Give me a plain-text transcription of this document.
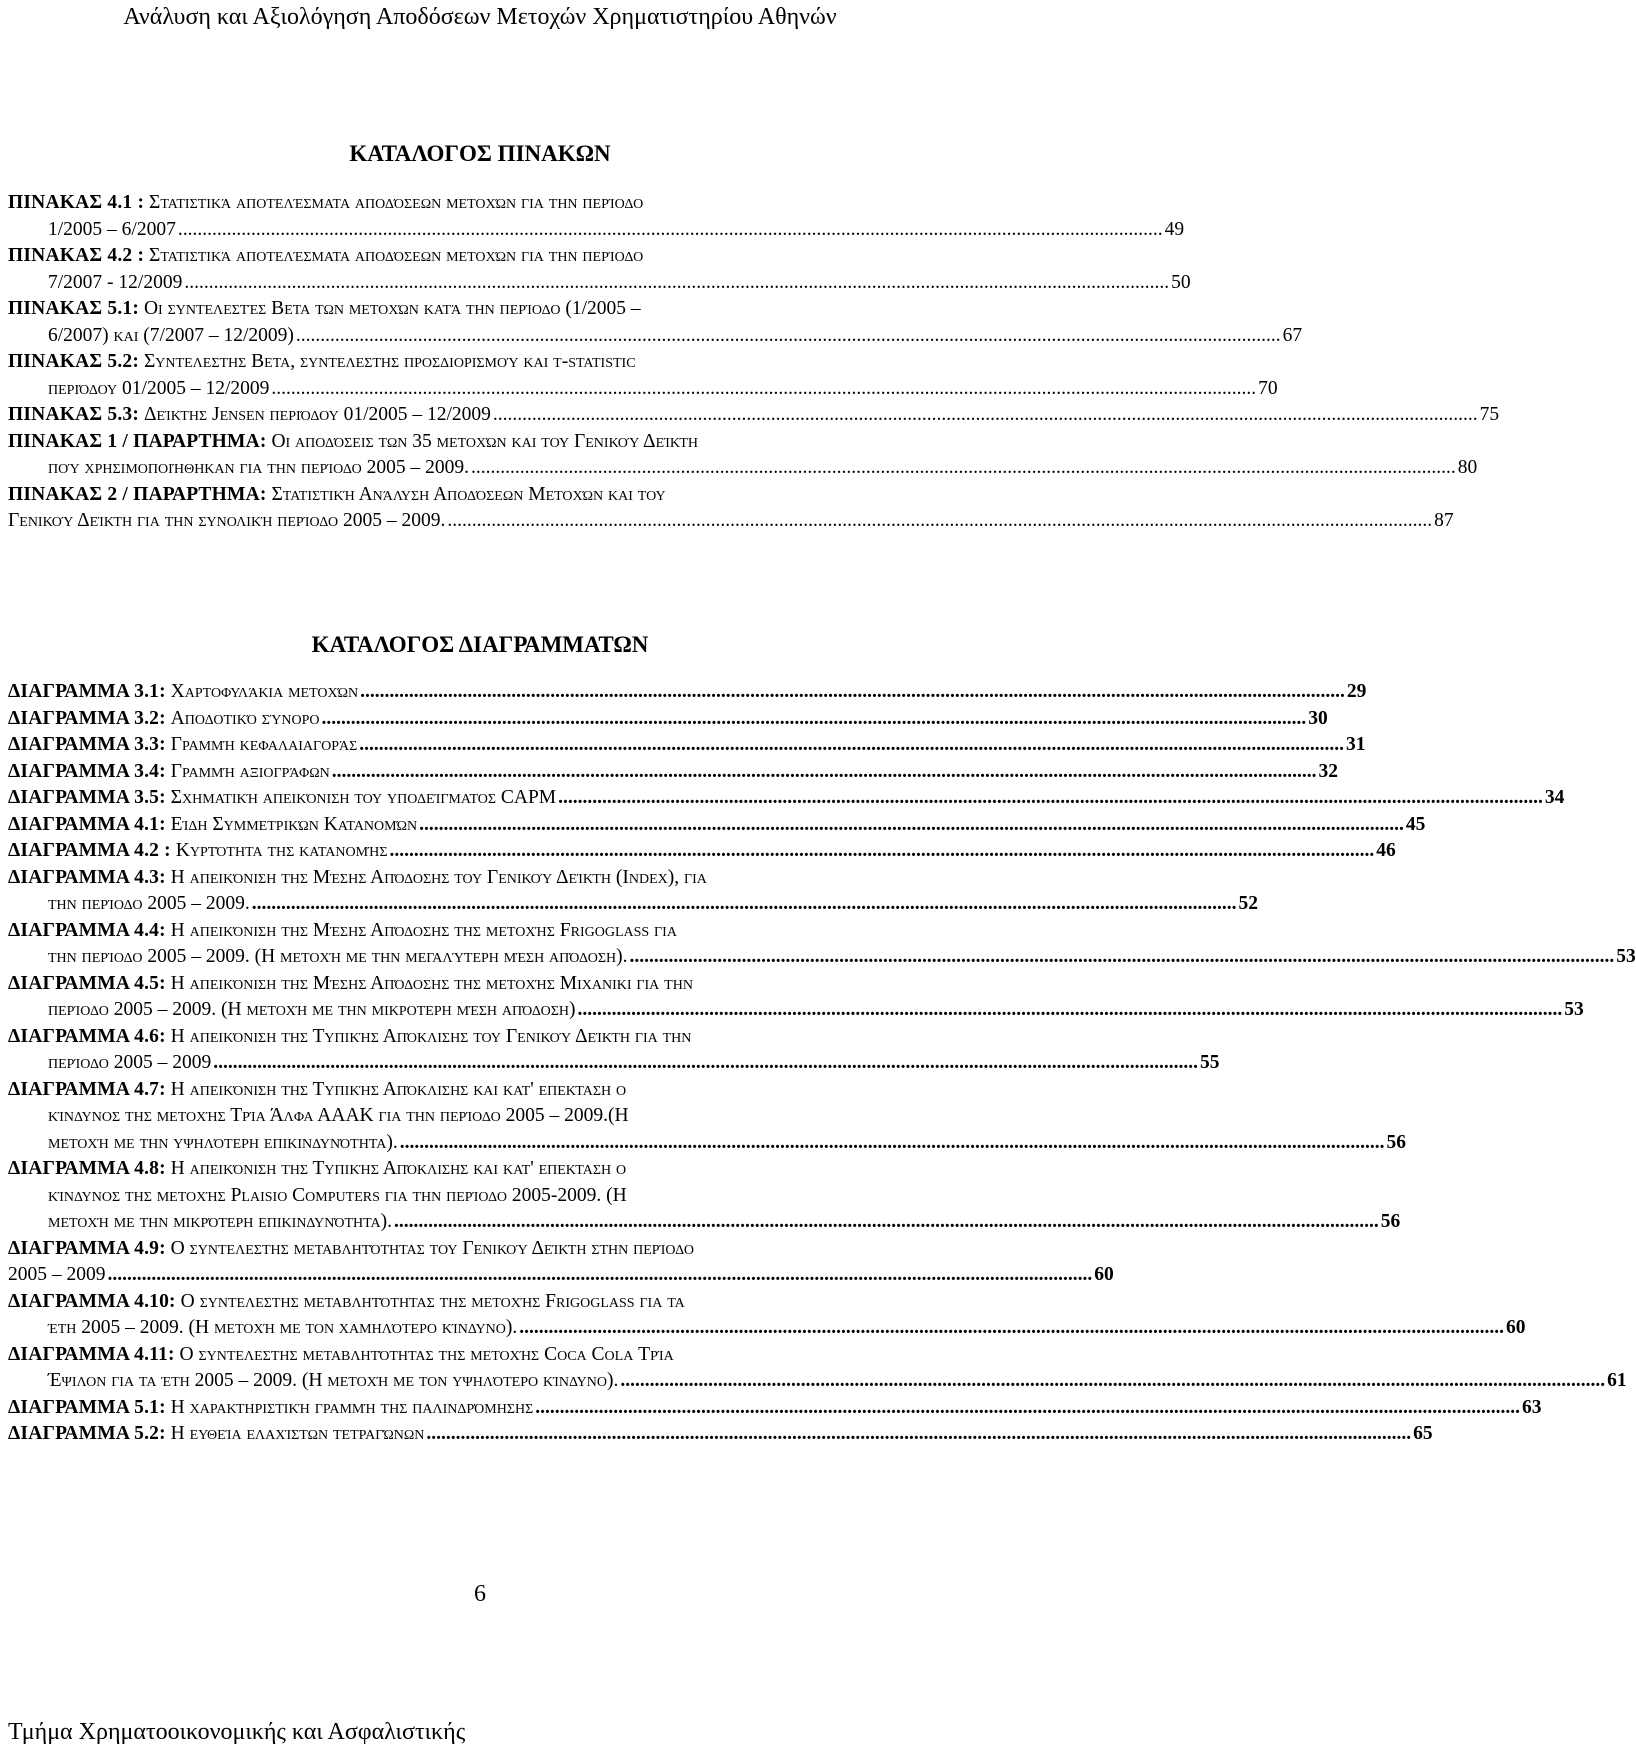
Ανάλυση και Αξιολόγηση Αποδόσεων Μετοχών Χρηματιστηρίου Αθηνών
ΚΑΤΑΛΟΓΟΣ ΠΙΝΑΚΩΝ
ΠΙΝΑΚΑΣ 4.1 : Στατιστικά αποτελέσματα αποδόσεων μετοχών για την περίοδο
1/2005 – 6/2007 .......................................................................................................................................................................................................... 49
ΠΙΝΑΚΑΣ 4.2 : Στατιστικά αποτελέσματα αποδόσεων μετοχών για την περίοδο
7/2007 - 12/2009 .......................................................................................................................................................................................................... 50
ΠΙΝΑΚΑΣ 5.1: Οι συντελεστές Βeta των μετοχών κατά την περίοδο (1/2005 –
6/2007) και (7/2007 – 12/2009) .......................................................................................................................................................................................................... 67
ΠΙΝΑΚΑΣ 5.2: Συντελεστης Βeta, συντελεστης προσδιορισμού και t-statistic
περιόδου 01/2005 – 12/2009 .......................................................................................................................................................................................................... 70
ΠΙΝΑΚΑΣ 5.3:
Δείκτης Jensen περιόδου 01/2005 – 12/2009 .......................................................................................................................................................................................................... 75
ΠΙΝΑΚΑΣ 1 / ΠΑΡΑΡΤΗΜΑ: Οι αποδόσεις των 35 μετοχών και του Γενικού Δείκτη
πού χρησιμοποιήθηκαν για την περίοδο 2005 – 2009. .......................................................................................................................................................................................................... 80
ΠΙΝΑΚΑΣ 2 / ΠΑΡΑΡΤΗΜΑ: Στατιστική Ανάλυση Αποδόσεων Μετοχών και του
Γενικού Δείκτη για την συνολική περίοδο 2005 – 2009. .......................................................................................................................................................................................................... 87
ΚΑΤΑΛΟΓΟΣ ΔΙΑΓΡΑΜΜΑΤΩΝ
ΔΙΑΓΡΑΜΜΑ 3.1:
Χαρτοφυλάκια μετοχών .......................................................................................................................................................................................................... 29
ΔΙΑΓΡΑΜΜΑ 3.2:
Αποδοτικό σύνορο .......................................................................................................................................................................................................... 30
ΔΙΑΓΡΑΜΜΑ 3.3:
Γραμμή κεφαλαιαγοράς .......................................................................................................................................................................................................... 31
ΔΙΑΓΡΑΜΜΑ 3.4:
Γραμμή αξιογράφων .......................................................................................................................................................................................................... 32
ΔΙΑΓΡΑΜΜΑ 3.5:
Σχηματική απεικόνιση του υποδείγματος CAPM .......................................................................................................................................................................................................... 34
ΔΙΑΓΡΑΜΜΑ 4.1:
Είδη Συμμετρικών Κατανομών .......................................................................................................................................................................................................... 45
ΔΙΑΓΡΑΜΜΑ 4.2 :
Κυρτότητα της κατανομής .......................................................................................................................................................................................................... 46
ΔΙΑΓΡΑΜΜΑ 4.3: Η απεικόνιση της Μέσης Απόδοσης του Γενικού Δείκτη (Index), για
την περίοδο 2005 – 2009. .......................................................................................................................................................................................................... 52
ΔΙΑΓΡΑΜΜΑ 4.4: Η απεικόνιση της Μέσης Απόδοσης της μετοχής Frigoglass για
την περίοδο 2005 – 2009. (Η μετοχή με την μεγαλύτερη μέση απόδοση). .......................................................................................................................................................................................................... 53
ΔΙΑΓΡΑΜΜΑ 4.5: Η απεικόνιση της Μέσης Απόδοσης της μετοχής Μιχανικι για την
περίοδο 2005 – 2009. (Η μετοχή με την μικροτερη μέση απόδοση) .......................................................................................................................................................................................................... 53
ΔΙΑΓΡΑΜΜΑ 4.6: Η απεικόνιση της Τυπικής Απόκλισης του Γενικού Δείκτη για την
περίοδο 2005 – 2009 .......................................................................................................................................................................................................... 55
ΔΙΑΓΡΑΜΜΑ 4.7: Η απεικόνιση της Τυπικής Απόκλισης και κατ' επεκταση ο
κίνδυνος της μετοχής Τρία Άλφα ΑΑΑΚ για την περίοδο 2005 – 2009.(Η
μετοχή με την υψηλότερη επικινδυνότητα). .......................................................................................................................................................................................................... 56
ΔΙΑΓΡΑΜΜΑ 4.8: Η απεικόνιση της Τυπικής Απόκλισης και κατ' επεκταση ο
κίνδυνος της μετοχής Plaisio Computers για την περίοδο 2005-2009. (Η
μετοχή με την μικρότερη επικινδυνότητα). .......................................................................................................................................................................................................... 56
ΔΙΑΓΡΑΜΜΑ 4.9: Ο συντελεστης μεταβλητότητας του Γενικού Δείκτη στην περίοδο
2005 – 2009 .......................................................................................................................................................................................................... 60
ΔΙΑΓΡΑΜΜΑ 4.10: Ο συντελεστης μεταβλητότητας της μετοχής Frigoglass για τα
έτη 2005 – 2009. (Η μετοχή με τον χαμηλότερο κίνδυνο). .......................................................................................................................................................................................................... 60
ΔΙΑΓΡΑΜΜΑ 4.11: Ο συντελεστης μεταβλητότητας της μετοχής Coca Cola Τρία
Έψιλον για τα έτη 2005 – 2009. (Η μετοχή με τον υψηλότερο κίνδυνο). .......................................................................................................................................................................................................... 61
ΔΙΑΓΡΑΜΜΑ 5.1:
Η χαρακτηριστική γραμμή της παλινδρόμησης .......................................................................................................................................................................................................... 63
ΔΙΑΓΡΑΜΜΑ 5.2:
Η ευθεία ελαχίστων τετραγώνων .......................................................................................................................................................................................................... 65
6
Τμήμα Χρηματοοικονομικής και Ασφαλιστικής
